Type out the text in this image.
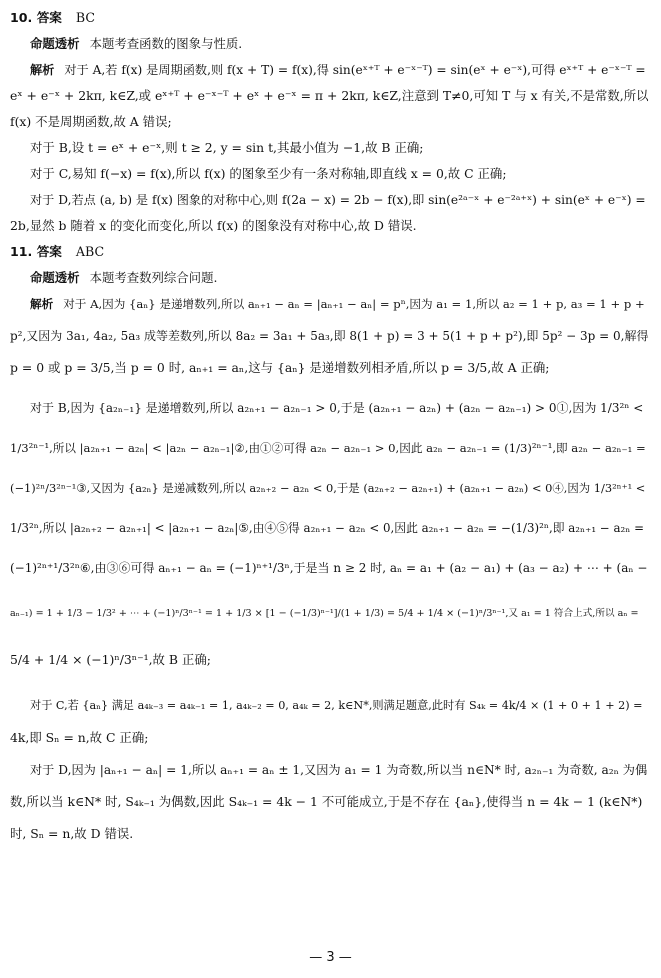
10. 答案 BC

命题透析 本题考查函数的图象与性质.

解析 对于 A,若 f(x) 是周期函数,则 f(x + T) = f(x),得 sin(eˣ⁺ᵀ + e⁻ˣ⁻ᵀ) = sin(eˣ + e⁻ˣ),可得 eˣ⁺ᵀ + e⁻ˣ⁻ᵀ =

eˣ + e⁻ˣ + 2kπ, k∈Z,或 eˣ⁺ᵀ + e⁻ˣ⁻ᵀ + eˣ + e⁻ˣ = π + 2kπ, k∈Z,注意到 T≠0,可知 T 与 x 有关,不是常数,所以

f(x) 不是周期函数,故 A 错误;

对于 B,设 t = eˣ + e⁻ˣ,则 t ≥ 2, y = sin t,其最小值为 −1,故 B 正确;

对于 C,易知 f(−x) = f(x),所以 f(x) 的图象至少有一条对称轴,即直线 x = 0,故 C 正确;

对于 D,若点 (a, b) 是 f(x) 图象的对称中心,则 f(2a − x) = 2b − f(x),即 sin(e²ᵃ⁻ˣ + e⁻²ᵃ⁺ˣ) + sin(eˣ + e⁻ˣ) =

2b,显然 b 随着 x 的变化而变化,所以 f(x) 的图象没有对称中心,故 D 错误.

11. 答案 ABC

命题透析 本题考查数列综合问题.

解析 对于 A,因为 {aₙ} 是递增数列,所以 aₙ₊₁ − aₙ = |aₙ₊₁ − aₙ| = pⁿ,因为 a₁ = 1,所以 a₂ = 1 + p, a₃ = 1 + p +

p²,又因为 3a₁, 4a₂, 5a₃ 成等差数列,所以 8a₂ = 3a₁ + 5a₃,即 8(1 + p) = 3 + 5(1 + p + p²),即 5p² − 3p = 0,解得

p = 0 或 p = 3/5,当 p = 0 时, aₙ₊₁ = aₙ,这与 {aₙ} 是递增数列相矛盾,所以 p = 3/5,故 A 正确;

对于 B,因为 {a₂ₙ₋₁} 是递增数列,所以 a₂ₙ₊₁ − a₂ₙ₋₁ > 0,于是 (a₂ₙ₊₁ − a₂ₙ) + (a₂ₙ − a₂ₙ₋₁) > 0①,因为 1/3²ⁿ <

1/3²ⁿ⁻¹,所以 |a₂ₙ₊₁ − a₂ₙ| < |a₂ₙ − a₂ₙ₋₁|②,由①②可得 a₂ₙ − a₂ₙ₋₁ > 0,因此 a₂ₙ − a₂ₙ₋₁ = (1/3)²ⁿ⁻¹,即 a₂ₙ − a₂ₙ₋₁ =

(−1)²ⁿ/3²ⁿ⁻¹③,又因为 {a₂ₙ} 是递减数列,所以 a₂ₙ₊₂ − a₂ₙ < 0,于是 (a₂ₙ₊₂ − a₂ₙ₊₁) + (a₂ₙ₊₁ − a₂ₙ) < 0④,因为 1/3²ⁿ⁺¹ <

1/3²ⁿ,所以 |a₂ₙ₊₂ − a₂ₙ₊₁| < |a₂ₙ₊₁ − a₂ₙ|⑤,由④⑤得 a₂ₙ₊₁ − a₂ₙ < 0,因此 a₂ₙ₊₁ − a₂ₙ = −(1/3)²ⁿ,即 a₂ₙ₊₁ − a₂ₙ =

(−1)²ⁿ⁺¹/3²ⁿ⑥,由③⑥可得 aₙ₊₁ − aₙ = (−1)ⁿ⁺¹/3ⁿ,于是当 n ≥ 2 时, aₙ = a₁ + (a₂ − a₁) + (a₃ − a₂) + ⋯ + (aₙ −

aₙ₋₁) = 1 + 1/3 − 1/3² + ⋯ + (−1)ⁿ/3ⁿ⁻¹ = 1 + 1/3 × [1 − (−1/3)ⁿ⁻¹]/(1 + 1/3) = 5/4 + 1/4 × (−1)ⁿ/3ⁿ⁻¹,又 a₁ = 1 符合上式,所以 aₙ =

5/4 + 1/4 × (−1)ⁿ/3ⁿ⁻¹,故 B 正确;

对于 C,若 {aₙ} 满足 a₄ₖ₋₃ = a₄ₖ₋₁ = 1, a₄ₖ₋₂ = 0, a₄ₖ = 2, k∈N*,则满足题意,此时有 S₄ₖ = 4k/4 × (1 + 0 + 1 + 2) =

4k,即 Sₙ = n,故 C 正确;

对于 D,因为 |aₙ₊₁ − aₙ| = 1,所以 aₙ₊₁ = aₙ ± 1,又因为 a₁ = 1 为奇数,所以当 n∈N* 时, a₂ₙ₋₁ 为奇数, a₂ₙ 为偶

数,所以当 k∈N* 时, S₄ₖ₋₁ 为偶数,因此 S₄ₖ₋₁ = 4k − 1 不可能成立,于是不存在 {aₙ},使得当 n = 4k − 1 (k∈N*)

时, Sₙ = n,故 D 错误.

— 3 —
